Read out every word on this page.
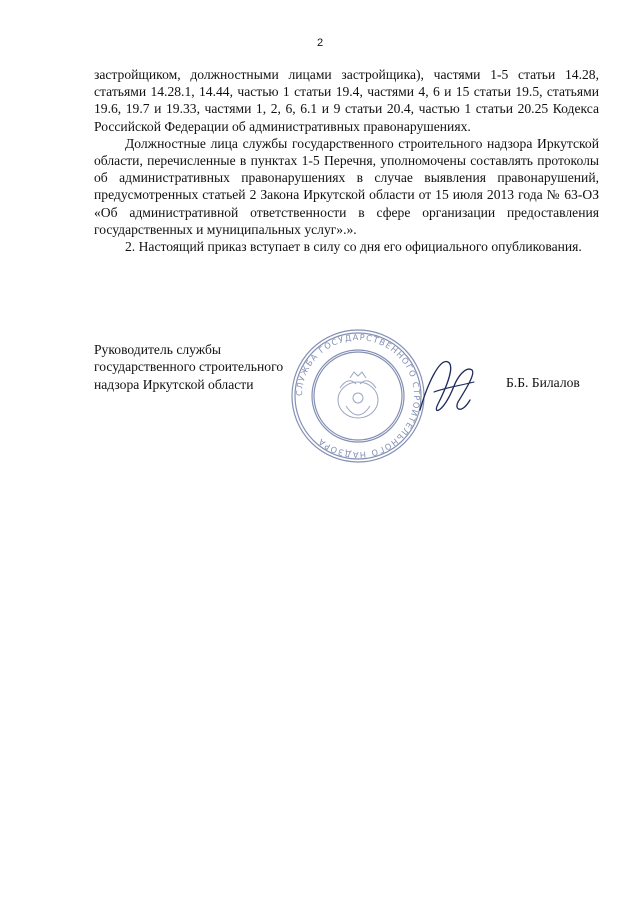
2

застройщиком, должностными лицами застройщика), частями 1-5 статьи 14.28, статьями 14.28.1, 14.44, частью 1 статьи 19.4, частями 4, 6 и 15 статьи 19.5, статьями 19.6, 19.7 и 19.33, частями 1, 2, 6, 6.1 и 9 статьи 20.4, частью 1 статьи 20.25 Кодекса Российской Федерации об административных правонарушениях.

Должностные лица службы государственного строительного надзора Иркутской области, перечисленные в пунктах 1-5 Перечня, уполномочены составлять протоколы об административных правонарушениях в случае выявления правонарушений, предусмотренных статьей 2 Закона Иркутской области от 15 июля 2013 года № 63-ОЗ «Об административной ответственности в сфере организации предоставления государственных и муниципальных услуг».».

2. Настоящий приказ вступает в силу со дня его официального опубликования.

СЛУЖБА ГОСУДАРСТВЕННОГО СТРОИТЕЛЬНОГО НАДЗОРА
Руководитель службы
государственного строительного
надзора Иркутской области	Б.Б. Билалов
